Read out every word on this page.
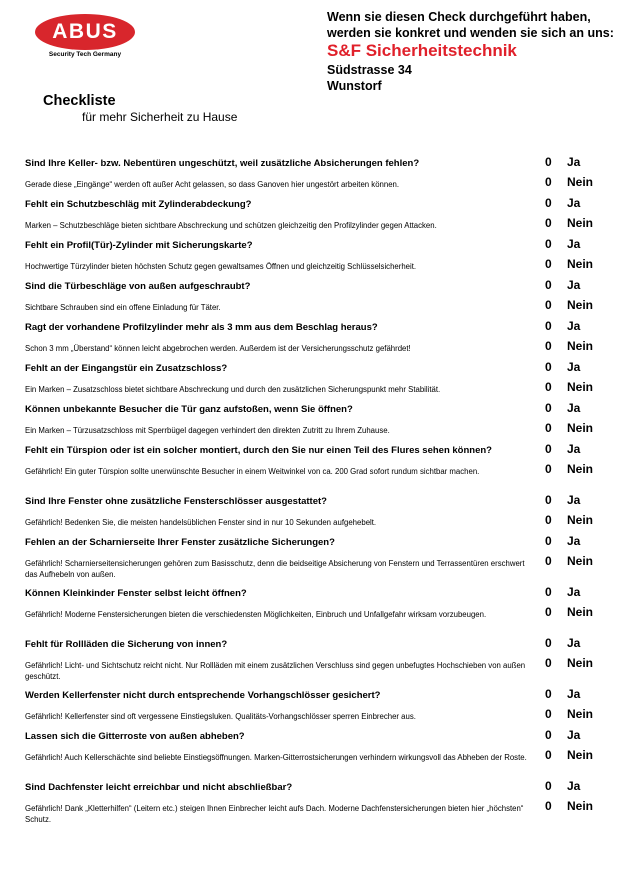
ABUS
Security Tech Germany
Wenn sie diesen Check durchgeführt haben,
werden sie konkret und wenden sie sich an uns:
S&F Sicherheitstechnik
Südstrasse 34
Wunstorf
Checkliste
für mehr Sicherheit zu Hause
Sind Ihre Keller- bzw. Nebentüren ungeschützt, weil zusätzliche Absicherungen fehlen?	0 Ja
Gerade diese „Eingänge“ werden oft außer Acht gelassen, so dass Ganoven hier ungestört arbeiten können.	0 Nein
Fehlt ein Schutzbeschläg mit Zylinderabdeckung?	0 Ja
Marken – Schutzbeschläge bieten sichtbare Abschreckung und schützen gleichzeitig den Profilzylinder gegen Attacken.	0 Nein
Fehlt ein Profil(Tür)-Zylinder mit Sicherungskarte?	0 Ja
Hochwertige Türzylinder bieten höchsten Schutz gegen gewaltsames Öffnen und gleichzeitig Schlüsselsicherheit.	0 Nein
Sind die Türbeschläge von außen aufgeschraubt?	0 Ja
Sichtbare Schrauben sind ein offene Einladung für Täter.	0 Nein
Ragt der vorhandene Profilzylinder mehr als 3 mm aus dem Beschlag heraus?	0 Ja
Schon 3 mm „Überstand“ können leicht abgebrochen werden. Außerdem ist der Versicherungsschutz gefährdet!	0 Nein
Fehlt an der Eingangstür ein Zusatzschloss?	0 Ja
Ein Marken – Zusatzschloss bietet sichtbare Abschreckung und durch den zusätzlichen Sicherungspunkt mehr Stabilität.	0 Nein
Können unbekannte Besucher die Tür ganz aufstoßen, wenn Sie öffnen?	0 Ja
Ein Marken – Türzusatzschloss mit Sperrbügel dagegen verhindert den direkten Zutritt zu Ihrem Zuhause.	0 Nein
Fehlt ein Türspion oder ist ein solcher montiert, durch den Sie nur einen Teil des Flures sehen können?	0 Ja
Gefährlich! Ein guter Türspion sollte unerwünschte Besucher in einem Weitwinkel von ca. 200 Grad sofort rundum sichtbar machen.	0 Nein
Sind Ihre Fenster ohne zusätzliche Fensterschlösser ausgestattet?	0 Ja
Gefährlich! Bedenken Sie, die meisten handelsüblichen Fenster sind in nur 10 Sekunden aufgehebelt.	0 Nein
Fehlen an der Scharnierseite Ihrer Fenster zusätzliche Sicherungen?	0 Ja
Gefährlich! Scharnierseitensicherungen gehören zum Basisschutz, denn die beidseitige Absicherung von Fenstern und Terrassentüren erschwert das Aufhebeln von außen.
0 Nein
Können Kleinkinder Fenster selbst leicht öffnen?	0 Ja
Gefährlich! Moderne Fenstersicherungen bieten die verschiedensten Möglichkeiten, Einbruch und Unfallgefahr wirksam vorzubeugen.	0 Nein
Fehlt für Rollläden die Sicherung von innen?	0 Ja
Gefährlich! Licht- und Sichtschutz reicht nicht. Nur Rollläden mit einem zusätzlichen Verschluss sind gegen unbefugtes Hochschieben von außen geschützt.
0 Nein
Werden Kellerfenster nicht durch entsprechende Vorhangschlösser gesichert?	0 Ja
Gefährlich! Kellerfenster sind oft vergessene Einstiegsluken. Qualitäts-Vorhangschlösser sperren Einbrecher aus.	0 Nein
Lassen sich die Gitterroste von außen abheben?	0 Ja
Gefährlich! Auch Kellerschächte sind beliebte Einstiegsöffnungen. Marken-Gitterrostsicherungen verhindern wirkungsvoll das Abheben der Roste. 0 Nein
Sind Dachfenster leicht erreichbar und nicht abschließbar?	0 Ja
Gefährlich! Dank „Kletterhilfen“ (Leitern etc.) steigen Ihnen Einbrecher leicht aufs Dach. Moderne Dachfenstersicherungen bieten hier „höchsten“ Schutz.
0 Nein
